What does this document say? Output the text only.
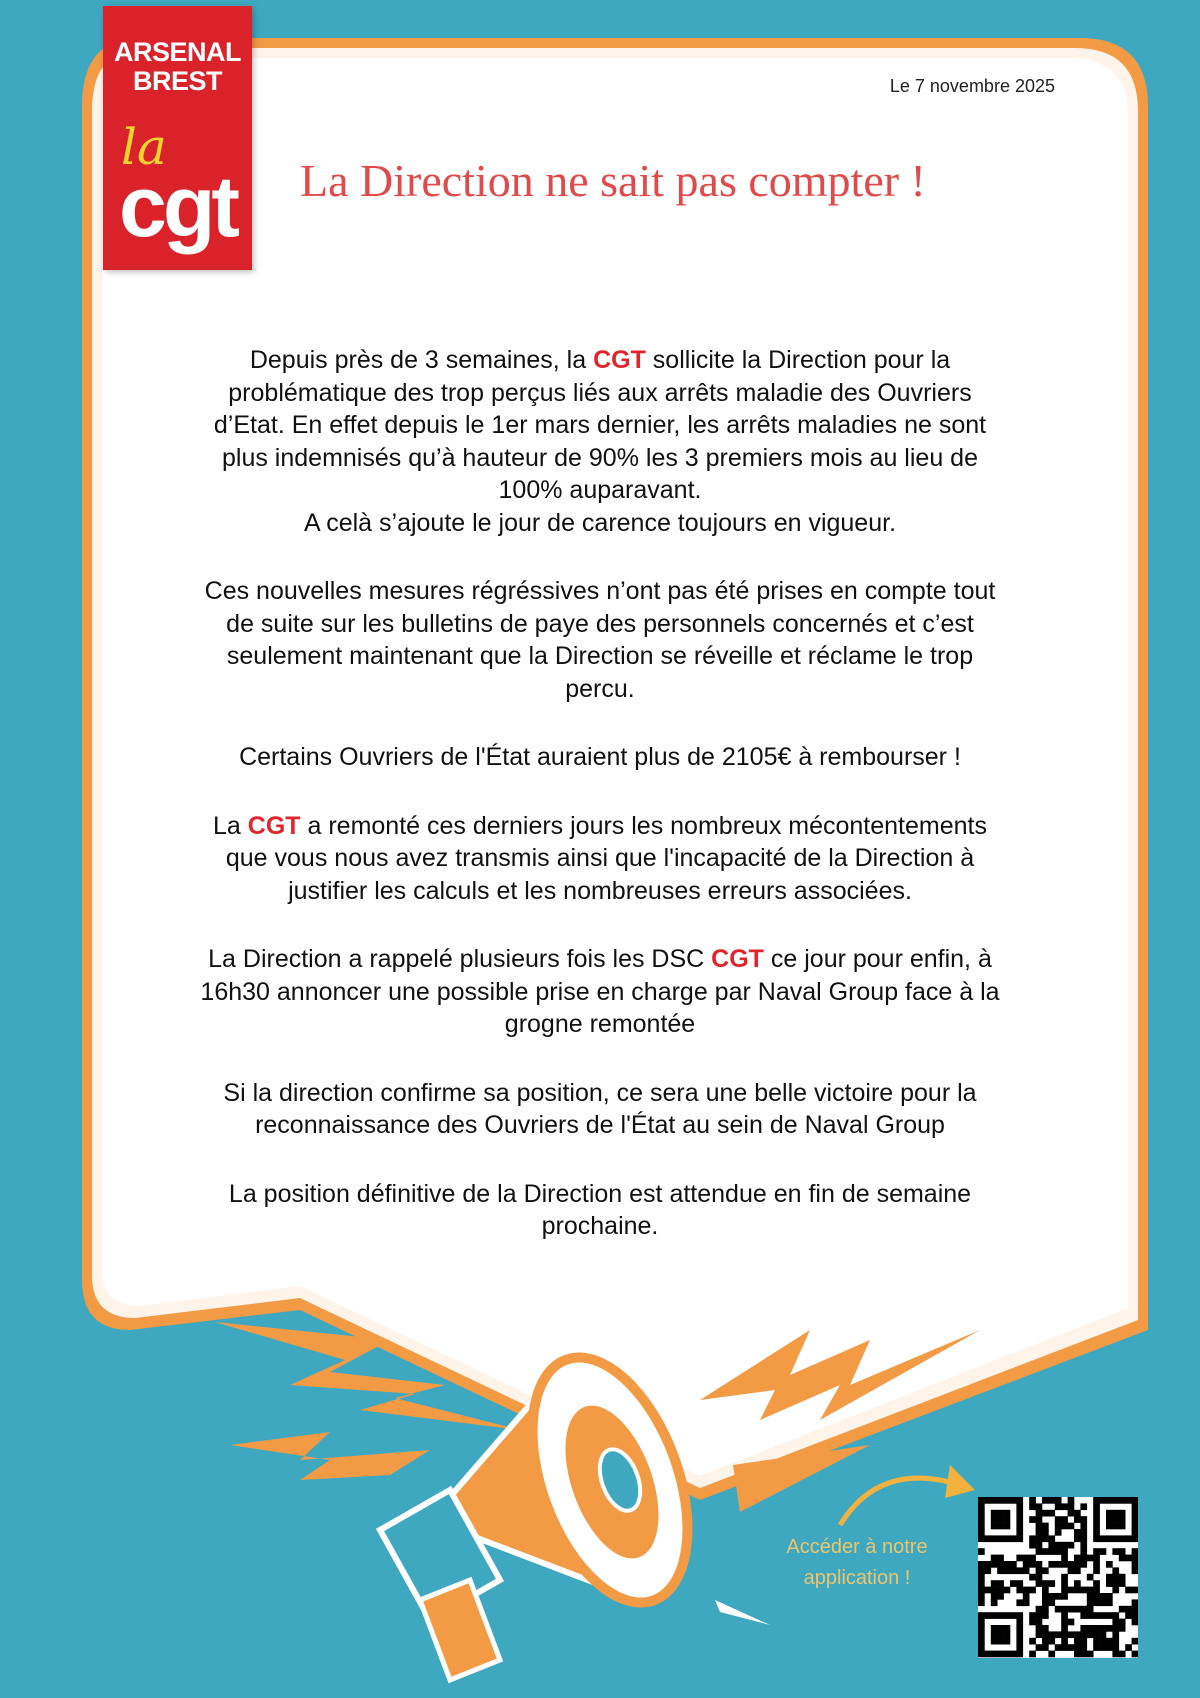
ARSENAL
BREST
la
cgt
Le 7 novembre 2025
La Direction ne sait pas compter !

Depuis près de 3 semaines, la CGT sollicite la Direction pour la
problématique des trop perçus liés aux arrêts maladie des Ouvriers
d’Etat. En effet depuis le 1er mars dernier, les arrêts maladies ne sont
plus indemnisés qu’à hauteur de 90% les 3 premiers mois au lieu de
100% auparavant.
A celà s’ajoute le jour de carence toujours en vigueur.

Ces nouvelles mesures régréssives n’ont pas été prises en compte tout
de suite sur les bulletins de paye des personnels concernés et c’est
seulement maintenant que la Direction se réveille et réclame le trop
percu.

Certains Ouvriers de l'État auraient plus de 2105€ à rembourser !

La CGT a remonté ces derniers jours les nombreux mécontentements
que vous nous avez transmis ainsi que l'incapacité de la Direction à
justifier les calculs et les nombreuses erreurs associées.

La Direction a rappelé plusieurs fois les DSC CGT ce jour pour enfin, à
16h30 annoncer une possible prise en charge par Naval Group face à la
grogne remontée

Si la direction confirme sa position, ce sera une belle victoire pour la
reconnaissance des Ouvriers de l'État au sein de Naval Group

La position définitive de la Direction est attendue en fin de semaine
prochaine.

Accéder à notre
application !
